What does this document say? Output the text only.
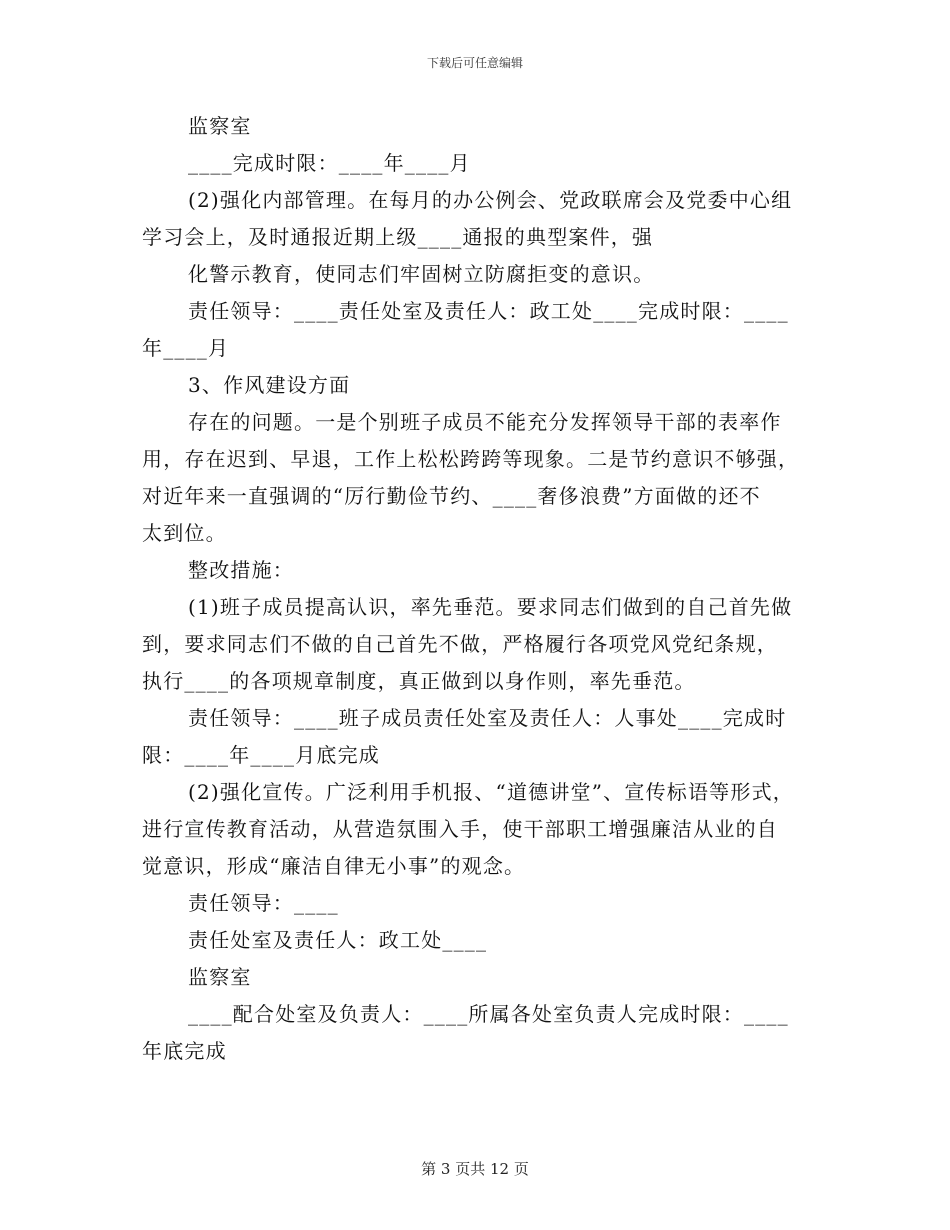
下载后可任意编辑
监察室
____完成时限：____年____月
(2)强化内部管理。在每月的办公例会、党政联席会及党委中心组
学习会上，及时通报近期上级____通报的典型案件，强
化警示教育，使同志们牢固树立防腐拒变的意识。
责任领导：____责任处室及责任人：政工处____完成时限：____
年____月
3、作风建设方面
存在的问题。一是个别班子成员不能充分发挥领导干部的表率作
用，存在迟到、早退，工作上松松跨跨等现象。二是节约意识不够强，
对近年来一直强调的“厉行勤俭节约、____奢侈浪费”方面做的还不
太到位。
整改措施：
(1)班子成员提高认识，率先垂范。要求同志们做到的自己首先做
到，要求同志们不做的自己首先不做，严格履行各项党风党纪条规，
执行____的各项规章制度，真正做到以身作则，率先垂范。
责任领导：____班子成员责任处室及责任人：人事处____完成时
限：____年____月底完成
(2)强化宣传。广泛利用手机报、“道德讲堂”、宣传标语等形式，
进行宣传教育活动，从营造氛围入手，使干部职工增强廉洁从业的自
觉意识，形成“廉洁自律无小事”的观念。
责任领导：____
责任处室及责任人：政工处____
监察室
____配合处室及负责人：____所属各处室负责人完成时限：____
年底完成
第 3 页共 12 页
